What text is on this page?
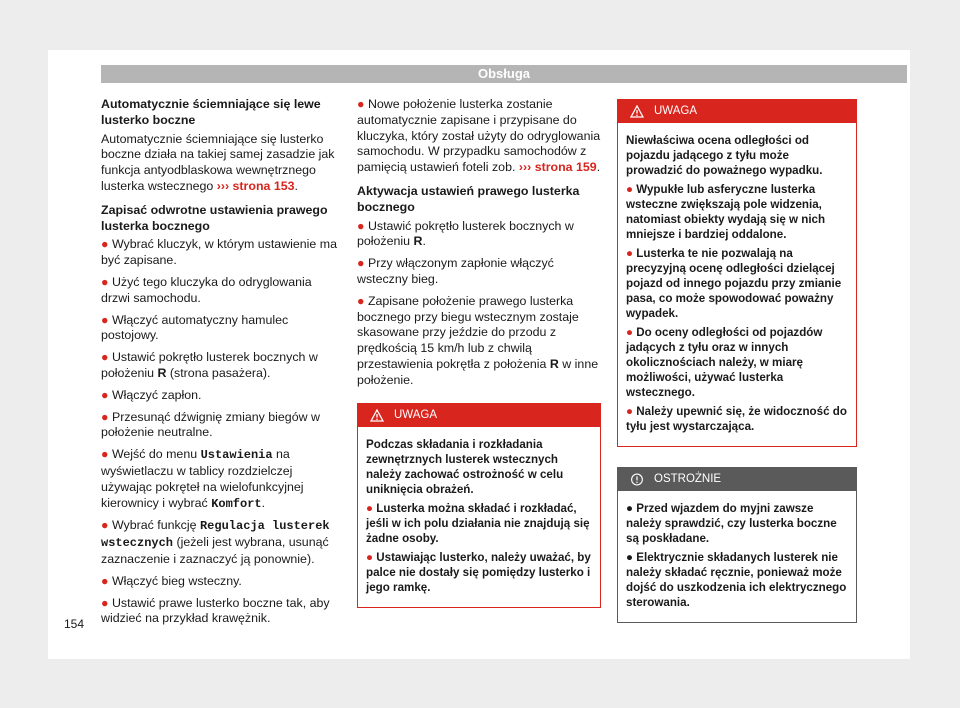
Obsługa
Automatycznie ściemniające się lewe lusterko boczne

Automatycznie ściemniające się lusterko boczne działa na takiej samej zasadzie jak funkcja antyodblaskowa wewnętrznego lusterka wstecznego ››› strona 153.

Zapisać odwrotne ustawienia prawego lusterka bocznego

● Wybrać kluczyk, w którym ustawienie ma być zapisane.

● Użyć tego kluczyka do odryglowania drzwi samochodu.

● Włączyć automatyczny hamulec postojowy.

● Ustawić pokrętło lusterek bocznych w położeniu R (strona pasażera).

● Włączyć zapłon.

● Przesunąć dźwignię zmiany biegów w położenie neutralne.

● Wejść do menu Ustawienia na wyświetlaczu w tablicy rozdzielczej używając pokręteł na wielofunkcyjnej kierownicy i wybrać Komfort.

● Wybrać funkcję Regulacja lusterek wstecznych (jeżeli jest wybrana, usunąć zaznaczenie i zaznaczyć ją ponownie).

● Włączyć bieg wsteczny.

● Ustawić prawe lusterko boczne tak, aby widzieć na przykład krawężnik.

● Nowe położenie lusterka zostanie automatycznie zapisane i przypisane do kluczyka, który został użyty do odryglowania samochodu. W przypadku samochodów z pamięcią ustawień foteli zob. ››› strona 159.

Aktywacja ustawień prawego lusterka bocznego

● Ustawić pokrętło lusterek bocznych w położeniu R.

● Przy włączonym zapłonie włączyć wsteczny bieg.

● Zapisane położenie prawego lusterka bocznego przy biegu wstecznym zostaje skasowane przy jeździe do przodu z prędkością 15 km/h lub z chwilą przestawienia pokrętła z położenia R w inne położenie.

UWAGA

Podczas składania i rozkładania zewnętrznych lusterek wstecznych należy zachować ostrożność w celu uniknięcia obrażeń.

● Lusterka można składać i rozkładać, jeśli w ich polu działania nie znajdują się żadne osoby.

● Ustawiając lusterko, należy uważać, by palce nie dostały się pomiędzy lusterko i jego ramkę.

UWAGA

Niewłaściwa ocena odległości od pojazdu jadącego z tyłu może prowadzić do poważnego wypadku.

● Wypukłe lub asferyczne lusterka wsteczne zwiększają pole widzenia, natomiast obiekty wydają się w nich mniejsze i bardziej oddalone.

● Lusterka te nie pozwalają na precyzyjną ocenę odległości dzielącej pojazd od innego pojazdu przy zmianie pasa, co może spowodować poważny wypadek.

● Do oceny odległości od pojazdów jadących z tyłu oraz w innych okolicznościach należy, w miarę możliwości, używać lusterka wstecznego.

● Należy upewnić się, że widoczność do tyłu jest wystarczająca.

OSTROŻNIE

● Przed wjazdem do myjni zawsze należy sprawdzić, czy lusterka boczne są poskładane.

● Elektrycznie składanych lusterek nie należy składać ręcznie, ponieważ może dojść do uszkodzenia ich elektrycznego sterowania.

154
